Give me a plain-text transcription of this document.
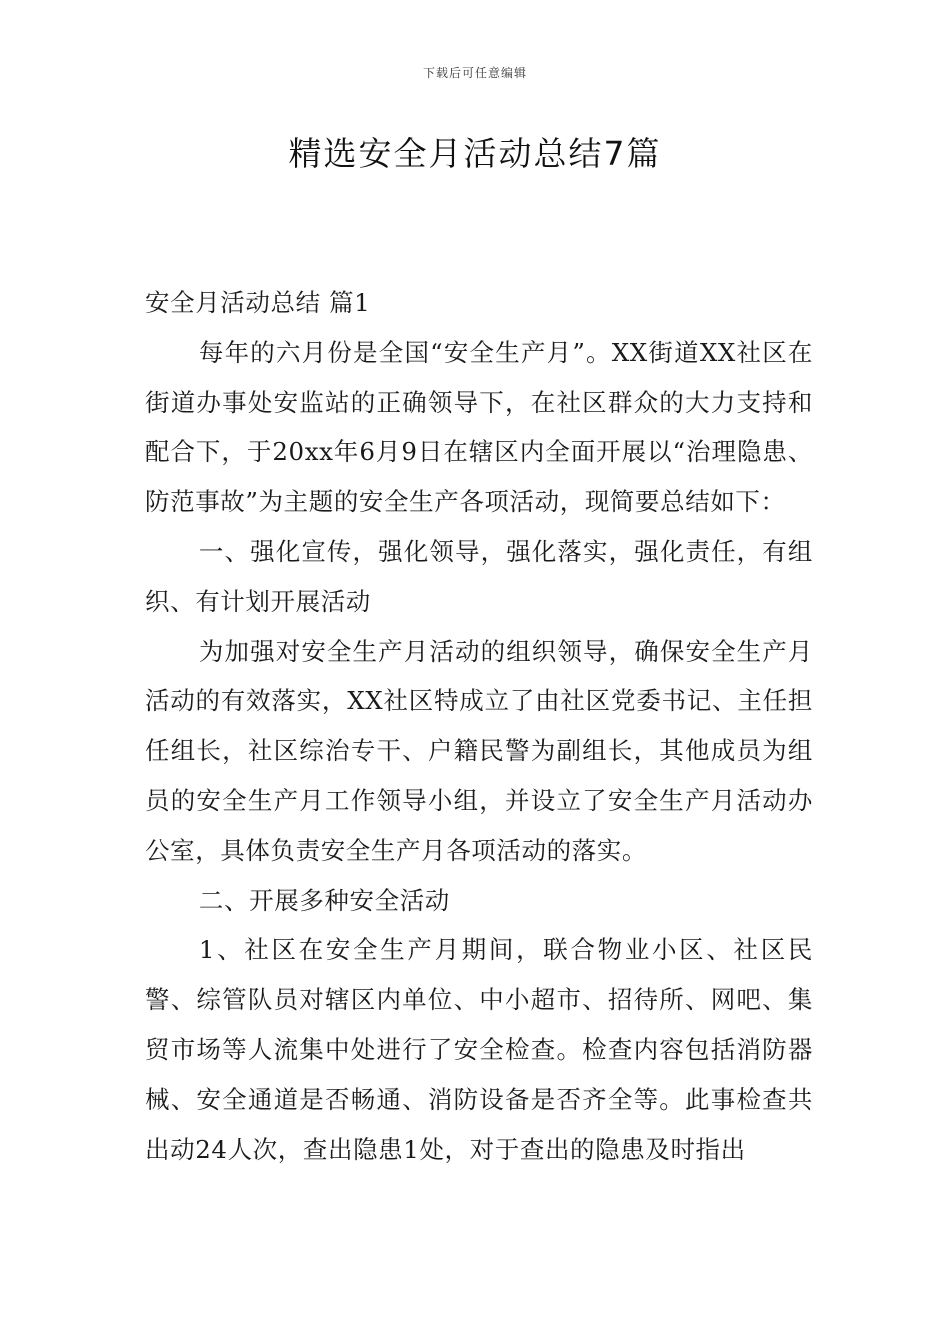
下载后可任意编辑
精选安全月活动总结7篇

安全月活动总结 篇1

每年的六月份是全国“安全生产月”。XX街道XX社区在街道办事处安监站的正确领导下，在社区群众的大力支持和配合下，于20xx年6月9日在辖区内全面开展以“治理隐患、防范事故”为主题的安全生产各项活动，现简要总结如下：

一、强化宣传，强化领导，强化落实，强化责任，有组织、有计划开展活动

为加强对安全生产月活动的组织领导，确保安全生产月活动的有效落实，XX社区特成立了由社区党委书记、主任担任组长，社区综治专干、户籍民警为副组长，其他成员为组员的安全生产月工作领导小组，并设立了安全生产月活动办公室，具体负责安全生产月各项活动的落实。

二、开展多种安全活动

1、社区在安全生产月期间，联合物业小区、社区民警、综管队员对辖区内单位、中小超市、招待所、网吧、集贸市场等人流集中处进行了安全检查。检查内容包括消防器械、安全通道是否畅通、消防设备是否齐全等。此事检查共出动24人次，查出隐患1处，对于查出的隐患及时指出
